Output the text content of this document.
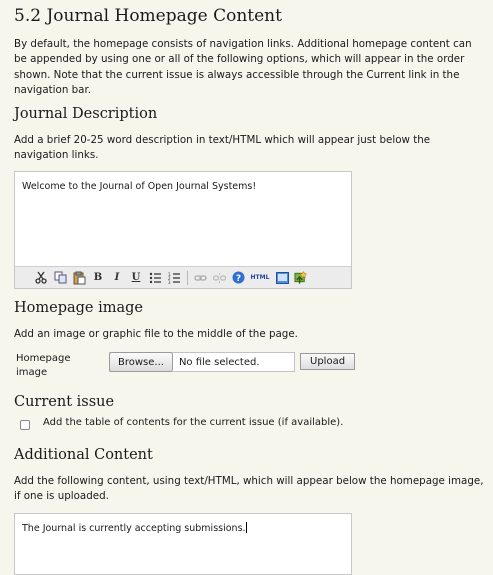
5.2 Journal Homepage Content

By default, the homepage consists of navigation links. Additional homepage content can be appended by using one or all of the following options, which will appear in the order shown. Note that the current issue is always accessible through the Current link in the navigation bar.

Journal Description

Add a brief 20-25 word description in text/HTML which will appear just below the navigation links.

Welcome to the Journal of Open Journal Systems!
B	I	U	1
2
3	? HTML
Homepage image

Add an image or graphic file to the middle of the page.

Homepage image
Browse...	No file selected.	Upload
Current issue
Add the table of contents for the current issue (if available).
Additional Content

Add the following content, using text/HTML, which will appear below the homepage image, if one is uploaded.

The Journal is currently accepting submissions.
